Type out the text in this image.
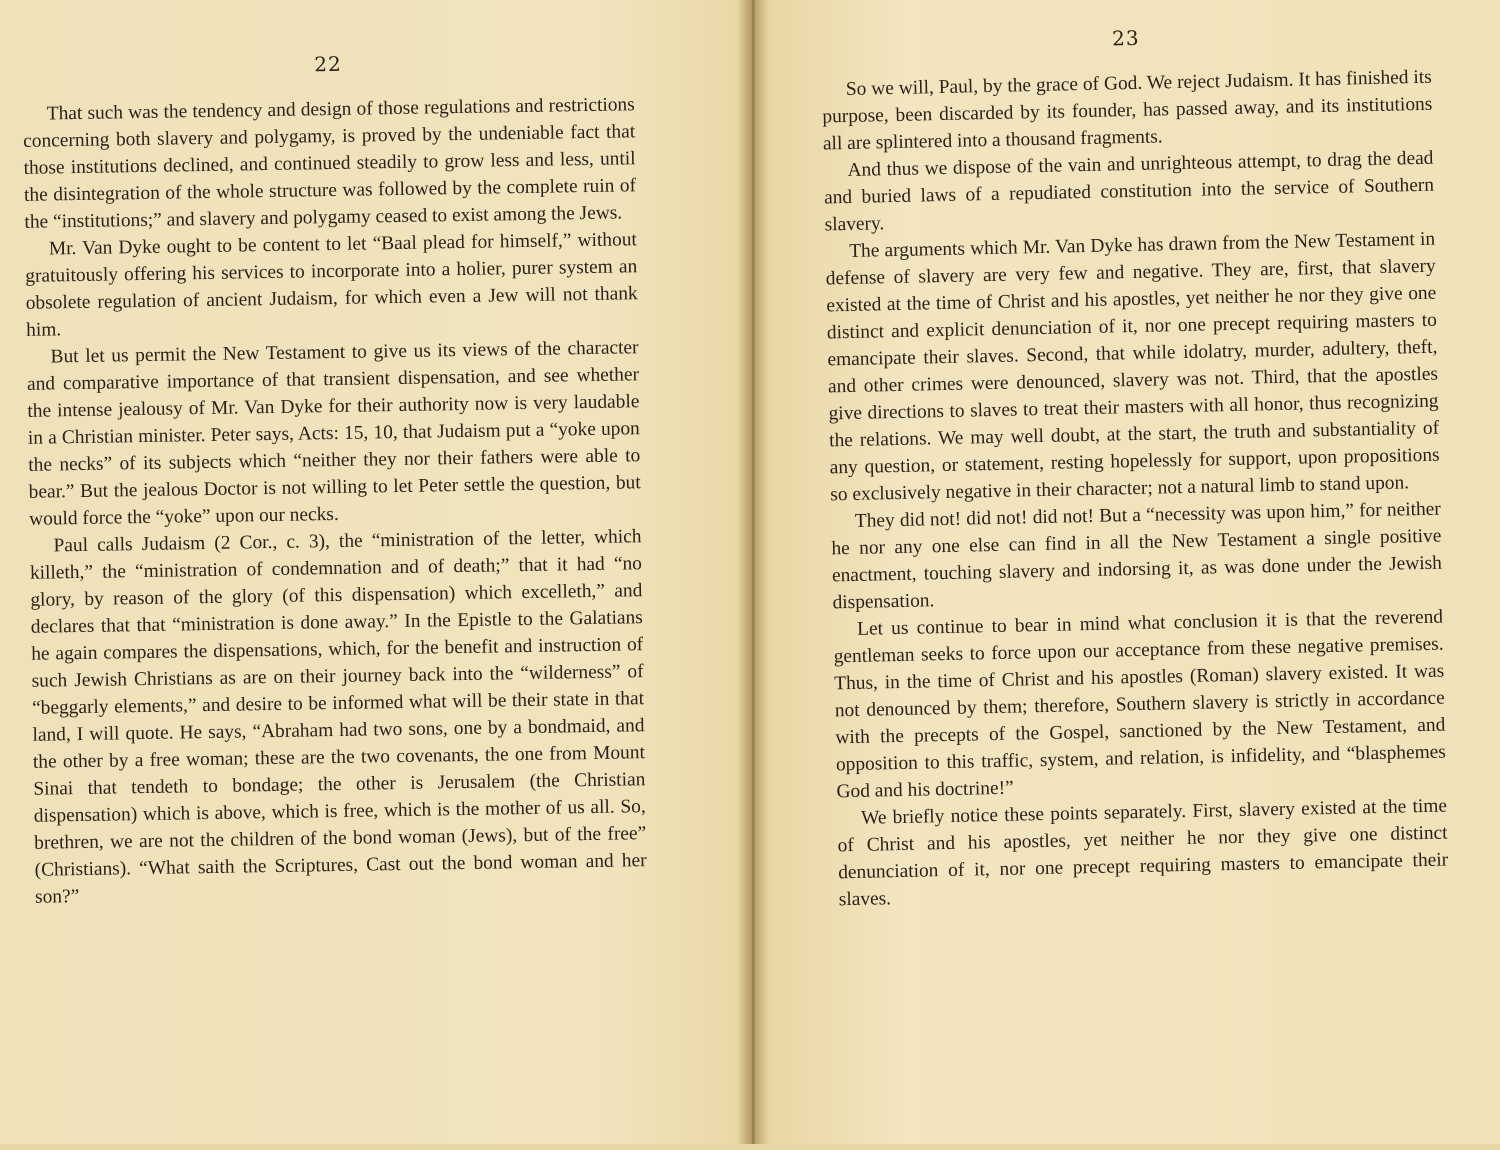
22

That such was the tendency and design of those regulations and restrictions concerning both slavery and polygamy, is proved by the undeniable fact that those institutions declined, and continued steadily to grow less and less, until the disintegration of the whole structure was followed by the complete ruin of the “institutions;” and slavery and polygamy ceased to exist among the Jews.

Mr. Van Dyke ought to be content to let “Baal plead for himself,” without gratuitously offering his services to incorporate into a holier, purer system an obsolete regulation of ancient Judaism, for which even a Jew will not thank him.

But let us permit the New Testament to give us its views of the character and comparative importance of that transient dispensation, and see whether the intense jealousy of Mr. Van Dyke for their authority now is very laudable in a Christian minister. Peter says, Acts: 15, 10, that Judaism put a “yoke upon the necks” of its subjects which “neither they nor their fathers were able to bear.” But the jealous Doctor is not willing to let Peter settle the question, but would force the “yoke” upon our necks.

Paul calls Judaism (2 Cor., c. 3), the “ministration of the letter, which killeth,” the “ministration of condemnation and of death;” that it had “no glory, by reason of the glory (of this dispensation) which excelleth,” and declares that that “ministration is done away.” In the Epistle to the Galatians he again compares the dispensations, which, for the benefit and instruction of such Jewish Christians as are on their journey back into the “wilderness” of “beggarly elements,” and desire to be informed what will be their state in that land, I will quote. He says, “Abraham had two sons, one by a bondmaid, and the other by a free woman; these are the two covenants, the one from Mount Sinai that tendeth to bondage; the other is Jerusalem (the Christian dispensation) which is above, which is free, which is the mother of us all. So, brethren, we are not the children of the bond woman (Jews), but of the free” (Christians). “What saith the Scriptures, Cast out the bond woman and her son?”

23

So we will, Paul, by the grace of God. We reject Judaism. It has finished its purpose, been discarded by its founder, has passed away, and its institutions all are splintered into a thousand fragments.

And thus we dispose of the vain and unrighteous attempt, to drag the dead and buried laws of a repudiated constitution into the service of Southern slavery.

The arguments which Mr. Van Dyke has drawn from the New Testament in defense of slavery are very few and negative. They are, first, that slavery existed at the time of Christ and his apostles, yet neither he nor they give one distinct and explicit denunciation of it, nor one precept requiring masters to emancipate their slaves. Second, that while idolatry, murder, adultery, theft, and other crimes were denounced, slavery was not. Third, that the apostles give directions to slaves to treat their masters with all honor, thus recognizing the relations. We may well doubt, at the start, the truth and substantiality of any question, or statement, resting hopelessly for support, upon propositions so exclusively negative in their character; not a natural limb to stand upon.

They did not! did not! did not! But a “necessity was upon him,” for neither he nor any one else can find in all the New Testament a single positive enactment, touching slavery and indorsing it, as was done under the Jewish dispensation.

Let us continue to bear in mind what conclusion it is that the reverend gentleman seeks to force upon our acceptance from these negative premises. Thus, in the time of Christ and his apostles (Roman) slavery existed. It was not denounced by them; therefore, Southern slavery is strictly in accordance with the precepts of the Gospel, sanctioned by the New Testament, and opposition to this traffic, system, and relation, is infidelity, and “blasphemes God and his doctrine!”

We briefly notice these points separately. First, slavery existed at the time of Christ and his apostles, yet neither he nor they give one distinct denunciation of it, nor one precept requiring masters to emancipate their slaves.
